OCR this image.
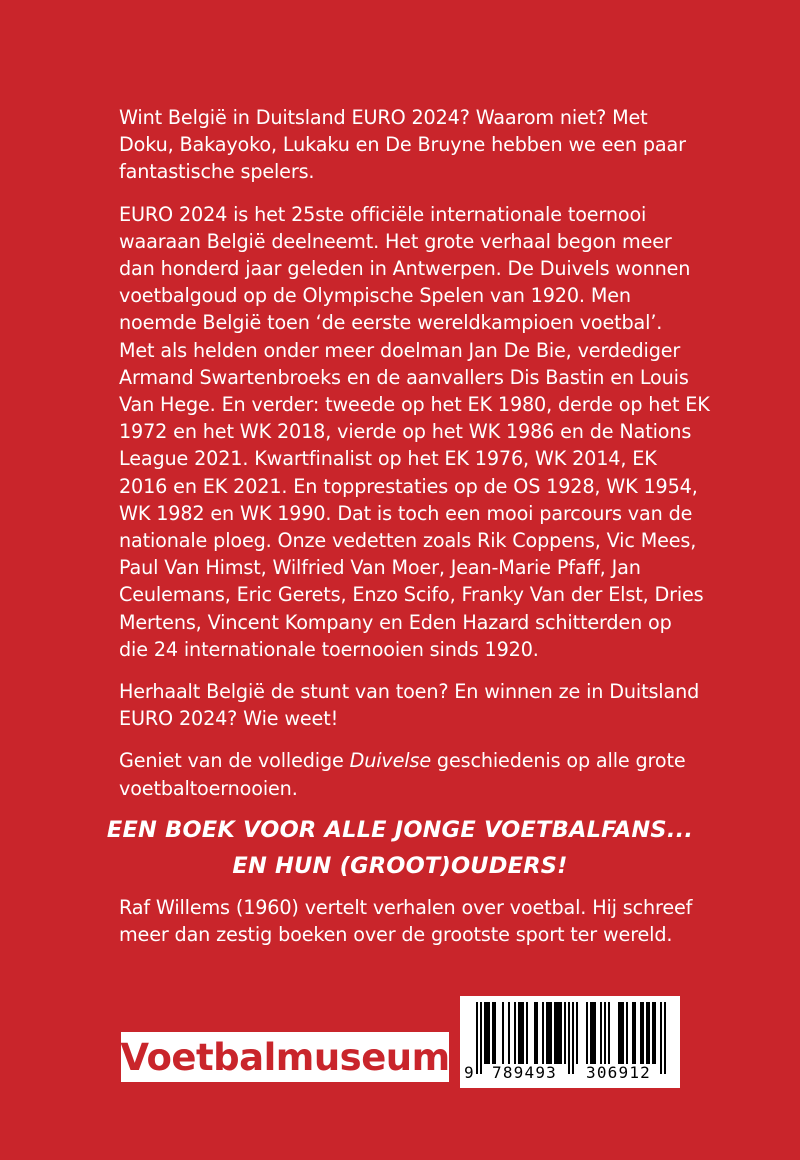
Wint België in Duitsland EURO 2024? Waarom niet? Met
Doku, Bakayoko, Lukaku en De Bruyne hebben we een paar
fantastische spelers.

EURO 2024 is het 25ste officiële internationale toernooi
waaraan België deelneemt. Het grote verhaal begon meer
dan honderd jaar geleden in Antwerpen. De Duivels wonnen
voetbalgoud op de Olympische Spelen van 1920. Men
noemde België toen ‘de eerste wereldkampioen voetbal’.
Met als helden onder meer doelman Jan De Bie, verdediger
Armand Swartenbroeks en de aanvallers Dis Bastin en Louis
Van Hege. En verder: tweede op het EK 1980, derde op het EK
1972 en het WK 2018, vierde op het WK 1986 en de Nations
League 2021. Kwartfinalist op het EK 1976, WK 2014, EK
2016 en EK 2021. En topprestaties op de OS 1928, WK 1954,
WK 1982 en WK 1990. Dat is toch een mooi parcours van de
nationale ploeg. Onze vedetten zoals Rik Coppens, Vic Mees,
Paul Van Himst, Wilfried Van Moer, Jean-Marie Pfaff, Jan
Ceulemans, Eric Gerets, Enzo Scifo, Franky Van der Elst, Dries
Mertens, Vincent Kompany en Eden Hazard schitterden op
die 24 internationale toernooien sinds 1920.

Herhaalt België de stunt van toen? En winnen ze in Duitsland
EURO 2024? Wie weet!

Geniet van de volledige Duivelse geschiedenis op alle grote
voetbaltoernooien.

EEN BOEK VOOR ALLE JONGE VOETBALFANS...
EN HUN (GROOT)OUDERS!
Raf Willems (1960) vertelt verhalen over voetbal. Hij schreef
meer dan zestig boeken over de grootste sport ter wereld.
Voetbalmuseum 9 789493 306912
